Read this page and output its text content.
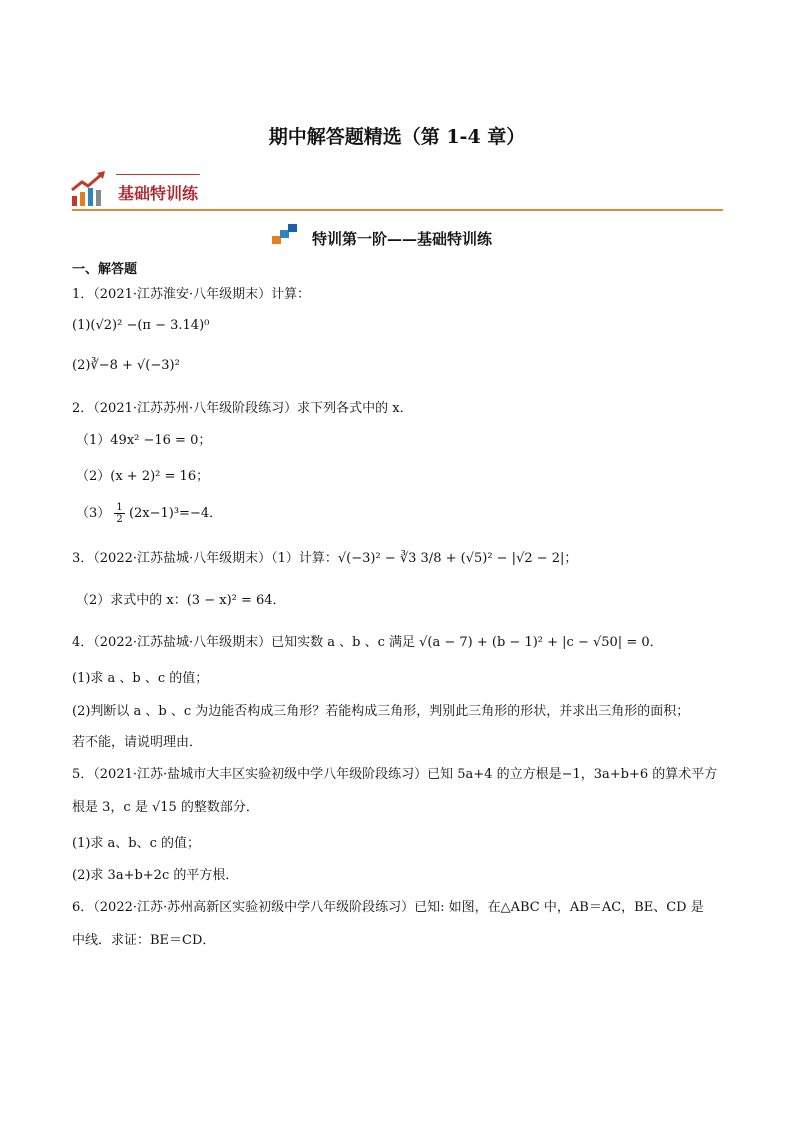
期中解答题精选（第 1-4 章）
基础特训练
特训第一阶——基础特训练
一、解答题
1．（2021·江苏淮安·八年级期末）计算：
(1)(√2)² −(π − 3.14)⁰
(2)∛−8 + √(−3)²
2．（2021·江苏苏州·八年级阶段练习）求下列各式中的 x．
（1）49x² −16 = 0；
（2）(x + 2)² = 16；
$(3) \frac{1}{2} (2x-1)^3=-4$．
3．（2022·江苏盐城·八年级期末）（1）计算：√(−3)² − ∛3 3/8 + (√5)² − |√2 − 2|；
（2）求式中的 x：(3 − x)² = 64．
4．（2022·江苏盐城·八年级期末）已知实数 a 、b 、c 满足 √(a − 7) + (b − 1)² + |c − √50| = 0．
(1)求 a 、b 、c 的值；
(2)判断以 a 、b 、c 为边能否构成三角形？若能构成三角形，判别此三角形的形状，并求出三角形的面积；
若不能，请说明理由．
5．（2021·江苏·盐城市大丰区实验初级中学八年级阶段练习）已知 5a+4 的立方根是−1，3a+b+6 的算术平方
根是 3，c 是 √15 的整数部分．
(1)求 a、b、c 的值；
(2)求 3a+b+2c 的平方根．
6．（2022·江苏·苏州高新区实验初级中学八年级阶段练习）已知: 如图，在△ABC 中，AB＝AC，BE、CD 是
中线．求证：BE＝CD．
